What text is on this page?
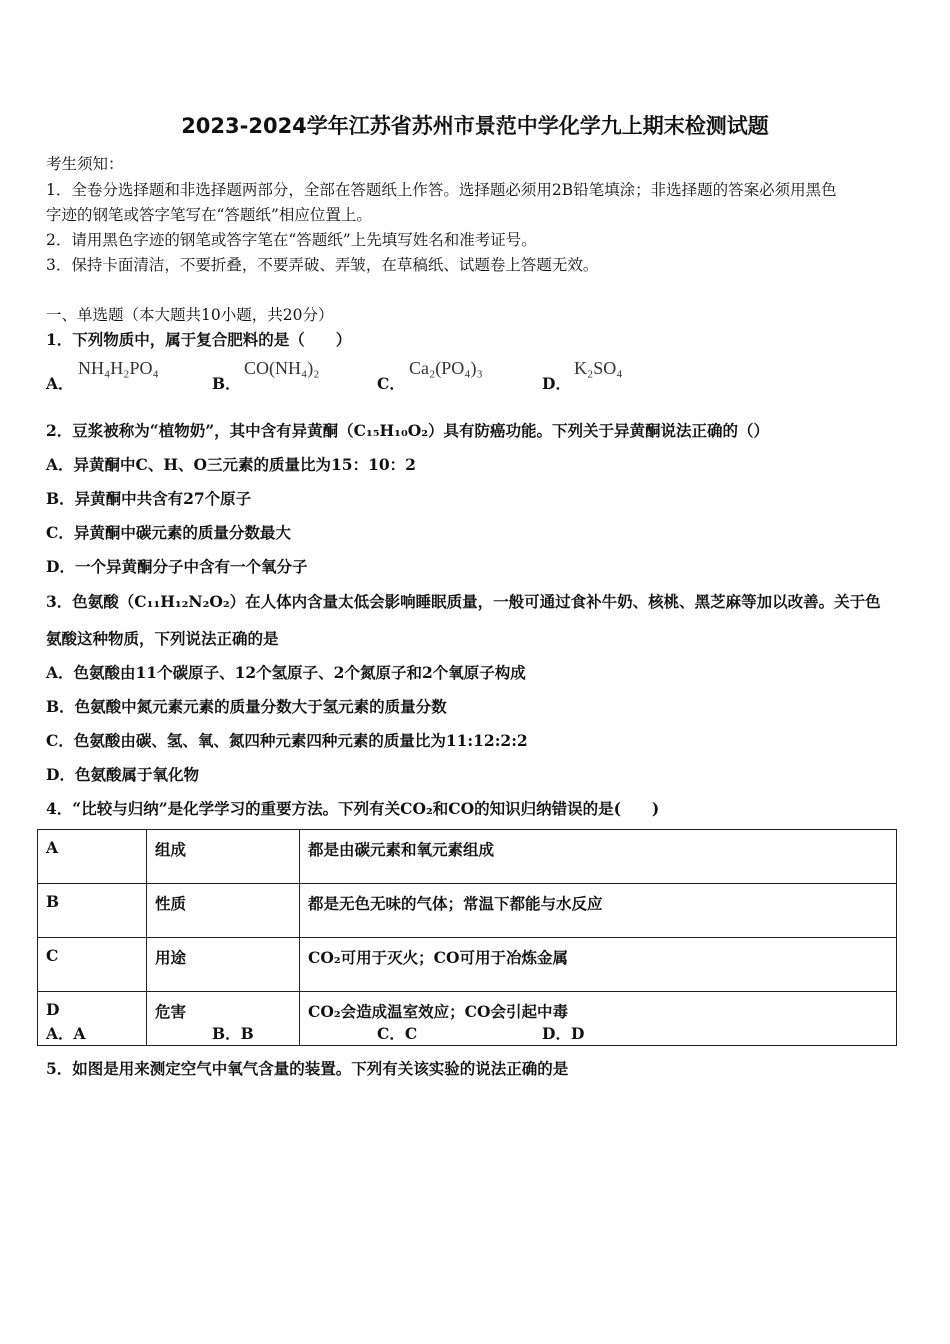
2023-2024学年江苏省苏州市景范中学化学九上期末检测试题
考生须知：
1．全卷分选择题和非选择题两部分，全部在答题纸上作答。选择题必须用2B铅笔填涂；非选择题的答案必须用黑色
字迹的钢笔或答字笔写在“答题纸”相应位置上。
2．请用黑色字迹的钢笔或答字笔在“答题纸”上先填写姓名和准考证号。
3．保持卡面清洁，不要折叠，不要弄破、弄皱，在草稿纸、试题卷上答题无效。
一、单选题（本大题共10小题，共20分）
1．下列物质中，属于复合肥料的是（　　）
A．
NH₄H₂PO₄
B．
CO(NH₄)₂
C．
Ca₂(PO₄)₃
D．
K₂SO₄
2．豆浆被称为“植物奶”，其中含有异黄酮（C₁₅H₁₀O₂）具有防癌功能。下列关于异黄酮说法正确的（）
A．异黄酮中C、H、O三元素的质量比为15：10：2
B．异黄酮中共含有27个原子
C．异黄酮中碳元素的质量分数最大
D．一个异黄酮分子中含有一个氧分子
3．色氨酸（C₁₁H₁₂N₂O₂）在人体内含量太低会影响睡眠质量，一般可通过食补牛奶、核桃、黑芝麻等加以改善。关于色
氨酸这种物质，下列说法正确的是
A．色氨酸由11个碳原子、12个氢原子、2个氮原子和2个氧原子构成
B．色氨酸中氮元素元素的质量分数大于氢元素的质量分数
C．色氨酸由碳、氢、氧、氮四种元素四种元素的质量比为11:12:2:2
D．色氨酸属于氧化物
4．“比较与归纳”是化学学习的重要方法。下列有关CO₂和CO的知识归纳错误的是(　　)
A	组成	都是由碳元素和氧元素组成
B	性质	都是无色无味的气体；常温下都能与水反应
C	用途	CO₂可用于灭火；CO可用于冶炼金属
D	危害	CO₂会造成温室效应；CO会引起中毒
A．A	B．B	C．C	D．D
5．如图是用来测定空气中氧气含量的装置。下列有关该实验的说法正确的是
